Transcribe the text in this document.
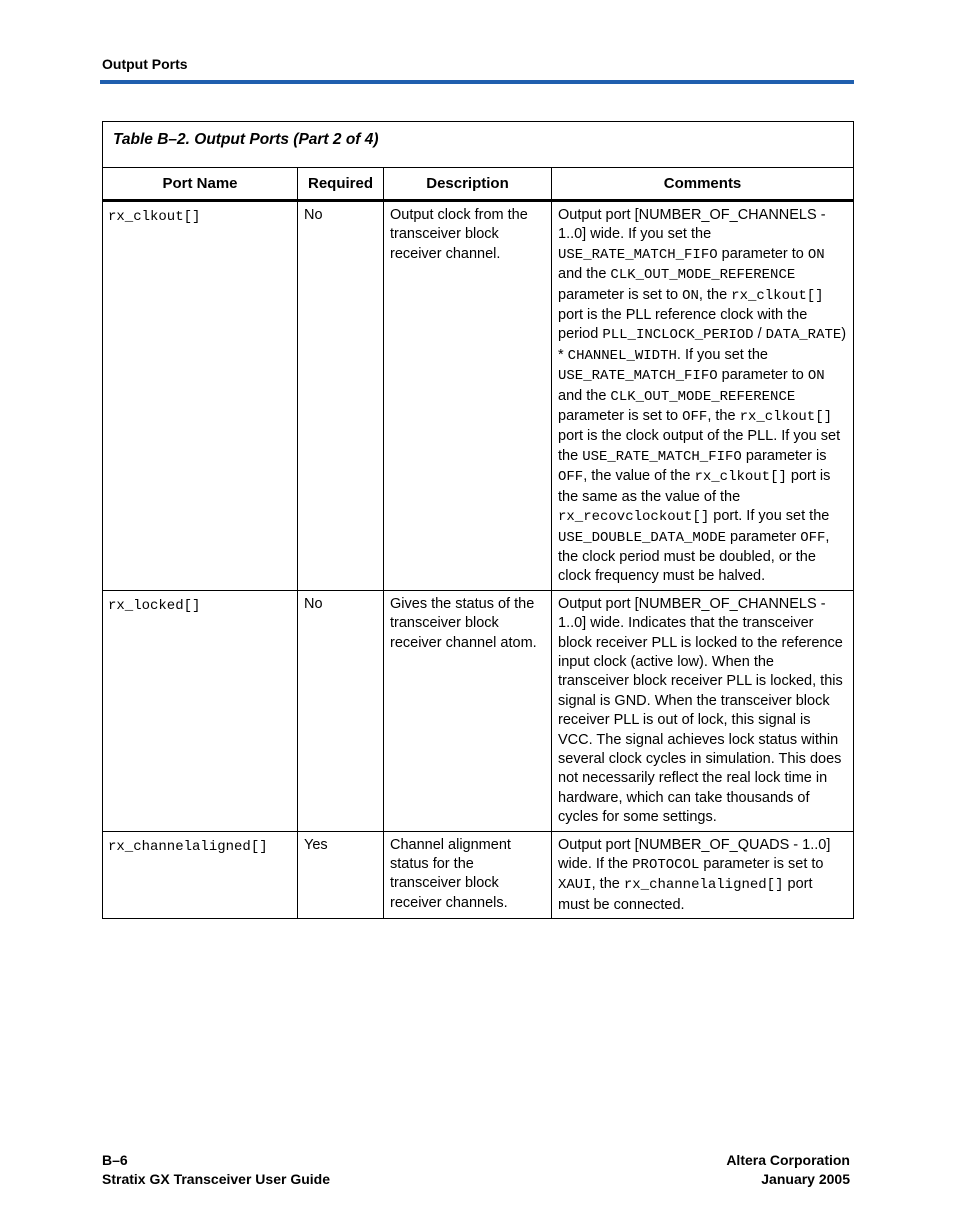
Output Ports
Table B–2. Output Ports (Part 2 of 4)			
Port Name	Required	Description	Comments
rx_clkout[]	No	Output clock from the transceiver block receiver channel.	Output port [NUMBER_OF_CHANNELS - 1..0] wide. If you set the USE_RATE_MATCH_FIFO parameter to ON and the CLK_OUT_MODE_REFERENCE parameter is set to ON, the rx_clkout[] port is the PLL reference clock with the period PLL_INCLOCK_PERIOD / DATA_RATE) * CHANNEL_WIDTH. If you set the USE_RATE_MATCH_FIFO parameter to ON and the CLK_OUT_MODE_REFERENCE parameter is set to OFF, the rx_clkout[] port is the clock output of the PLL. If you set the USE_RATE_MATCH_FIFO parameter is OFF, the value of the rx_clkout[] port is the same as the value of the rx_recovclockout[] port. If you set the USE_DOUBLE_DATA_MODE parameter OFF, the clock period must be doubled, or the clock frequency must be halved.
rx_locked[]	No	Gives the status of the transceiver block receiver channel atom.	Output port [NUMBER_OF_CHANNELS - 1..0] wide. Indicates that the transceiver block receiver PLL is locked to the reference input clock (active low). When the transceiver block receiver PLL is locked, this signal is GND. When the transceiver block receiver PLL is out of lock, this signal is VCC. The signal achieves lock status within several clock cycles in simulation. This does not necessarily reflect the real lock time in hardware, which can take thousands of cycles for some settings.
rx_channelaligned[]	Yes	Channel alignment status for the transceiver block receiver channels.	Output port [NUMBER_OF_QUADS - 1..0] wide. If the PROTOCOL parameter is set to XAUI, the rx_channelaligned[] port must be connected.
B–6
Stratix GX Transceiver User Guide
Altera Corporation
January 2005
